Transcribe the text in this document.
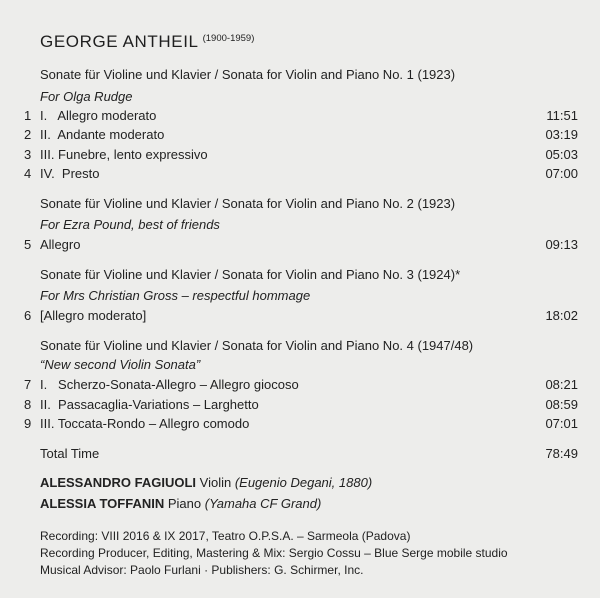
GEORGE ANTHEIL $^{(1900-1959)}$
Sonate für Violine und Klavier / Sonata for Violin and Piano No. 1 (1923)
For Olga Rudge
1 I.   Allegro moderato	11:51
2 II.  Andante moderato	03:19
3 III. Funebre, lento expressivo	05:03
4 IV.  Presto	07:00
Sonate für Violine und Klavier / Sonata for Violin and Piano No. 2 (1923)
For Ezra Pound, best of friends
5 Allegro	09:13
Sonate für Violine und Klavier / Sonata for Violin and Piano No. 3 (1924)*
For Mrs Christian Gross – respectful hommage
6 [Allegro moderato]	18:02
Sonate für Violine und Klavier / Sonata for Violin and Piano No. 4 (1947/48)
“New second Violin Sonata”
7 I.   Scherzo-Sonata-Allegro – Allegro giocoso	08:21
8 II.  Passacaglia-Variations – Larghetto	08:59
9 III. Toccata-Rondo – Allegro comodo	07:01
Total Time	78:49
ALESSANDRO FAGIUOLI Violin (Eugenio Degani, 1880)
ALESSIA TOFFANIN Piano (Yamaha CF Grand)
Recording: VIII 2016 & IX 2017, Teatro O.P.S.A. – Sarmeola (Padova)
Recording Producer, Editing, Mastering & Mix: Sergio Cossu – Blue Serge mobile studio
Musical Advisor: Paolo Furlani · Publishers: G. Schirmer, Inc.
